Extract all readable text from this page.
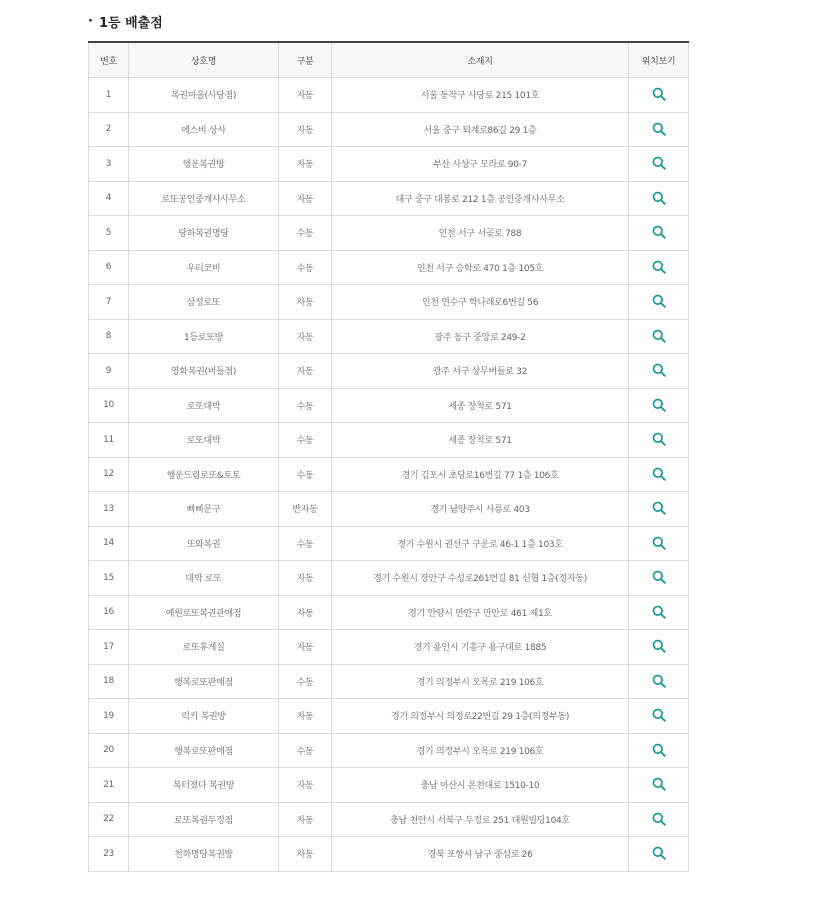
· 1등 배출점
번호	상호명	구분	소재지	위치보기
1	복권마을(사당점)	자동	서울 동작구 사당로 215 101호	

2	에스비 상사	자동	서울 중구 퇴계로86길 29 1층	

3	행운복권방	자동	부산 사상구 모라로 90-7	

4	로또공인중개사사무소	자동	대구 중구 대봉로 212 1층 공인중개사사무소	

5	당하복권명당	수동	인천 서구 서곶로 788	

6	우티코비	수동	인천 서구 승학로 470 1층 105호	

7	삼성로또	자동	인천 연수구 학나래로6번길 56	

8	1등로또방	자동	광주 동구 중앙로 249-2	

9	영화복권(버들점)	자동	광주 서구 상무버들로 32	

10	로또대박	수동	세종 장척로 571	

11	로또대박	수동	세종 장척로 571	

12	행운드림로또&토토	수동	경기 김포시 초당로16번길 77 1층 106호	

13	삐삐문구	반자동	경기 남양주시 사릉로 403	

14	또와복권	수동	경기 수원시 권선구 구운로 46-1 1층 103호	

15	대박 로또	자동	경기 수원시 장안구 수성로261번길 81 신협 1층(정자동)	

16	예원로또복권판매점	자동	경기 안양시 만안구 만안로 461 제1호	

17	로또휴게실	자동	경기 용인시 기흥구 용구대로 1885	

18	행복로또판매점	수동	경기 의정부시 오목로 219 106호	

19	럭키 복권방	자동	경기 의정부시 의정로22번길 29 1층(의정부동)	

20	행복로또판매점	수동	경기 의정부시 오목로 219 106호	

21	복터졌다 복권방	자동	충남 아산시 온천대로 1510-10	

22	로또복권두정점	자동	충남 천안시 서북구 두정로 251 대원빌딩104호	

23	천하명당복권방	자동	경북 포항시 남구 중섭로 26	
